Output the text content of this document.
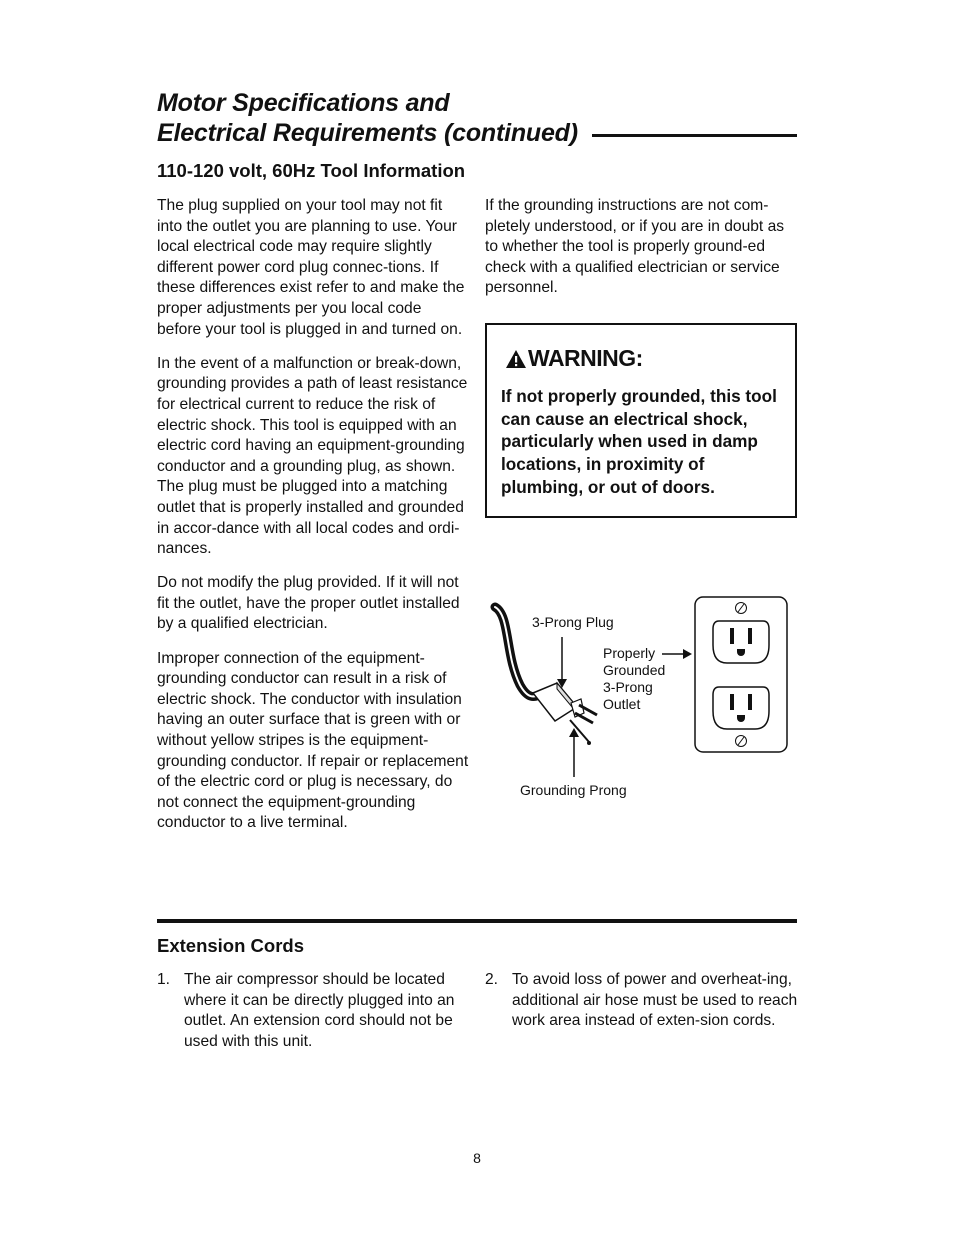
Motor Specifications and
Electrical Requirements (continued)
110-120 volt, 60Hz Tool Information

The plug supplied on your tool may not fit into the outlet you are planning to use. Your local electrical code may require slightly different power cord plug connec-tions. If these differences exist refer to and make the proper adjustments per you local code before your tool is plugged in and turned on.

In the event of a malfunction or break-down, grounding provides a path of least resistance for electrical current to reduce the risk of electric shock. This tool is equipped with an electric cord having an equipment-grounding conductor and a grounding plug, as shown. The plug must be plugged into a matching outlet that is properly installed and grounded in accor-dance with all local codes and ordi-nances.

Do not modify the plug provided. If it will not fit the outlet, have the proper outlet installed by a qualified electrician.

Improper connection of the equipment-grounding conductor can result in a risk of electric shock. The conductor with insulation having an outer surface that is green with or without yellow stripes is the equipment-grounding conductor. If repair or replacement of the electric cord or plug is necessary, do not connect the equipment-grounding conductor to a live terminal.

If the grounding instructions are not com-pletely understood, or if you are in doubt as to whether the tool is properly ground-ed check with a qualified electrician or service personnel.

WARNING:
If not properly grounded, this tool can cause an electrical shock, particularly when used in damp locations, in proximity of plumbing, or out of doors.
3-Prong Plug
Properly Grounded 3-Prong Outlet
Grounding Prong
Extension Cords
1. The air compressor should be located where it can be directly plugged into an outlet. An extension cord should not be used with this unit.
2. To avoid loss of power and overheat-ing, additional air hose must be used to reach work area instead of exten-sion cords.
8
